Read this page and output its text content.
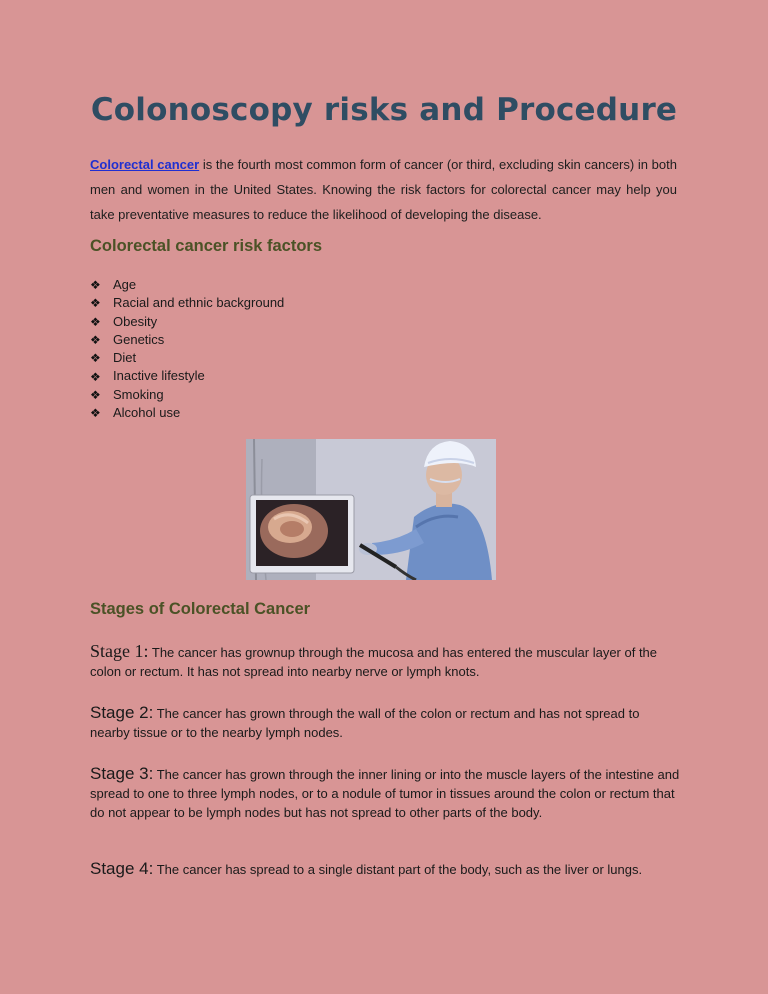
Colonoscopy risks and Procedure

Colorectal cancer is the fourth most common form of cancer (or third, excluding skin cancers) in both men and women in the United States. Knowing the risk factors for colorectal cancer may help you take preventative measures to reduce the likelihood of developing the disease.

Colorectal cancer risk factors
❖ Age
❖ Racial and ethnic background
❖ Obesity
❖ Genetics
❖ Diet
❖ Inactive lifestyle
❖ Smoking
❖ Alcohol use
Stages of Colorectal Cancer

Stage 1: The cancer has grownup through the mucosa and has entered the muscular layer of the colon or rectum. It has not spread into nearby nerve or lymph knots.

Stage 2: The cancer has grown through the wall of the colon or rectum and has not spread to nearby tissue or to the nearby lymph nodes.

Stage 3: The cancer has grown through the inner lining or into the muscle layers of the intestine and spread to one to three lymph nodes, or to a nodule of tumor in tissues around the colon or rectum that do not appear to be lymph nodes but has not spread to other parts of the body.

Stage 4: The cancer has spread to a single distant part of the body, such as the liver or lungs.
